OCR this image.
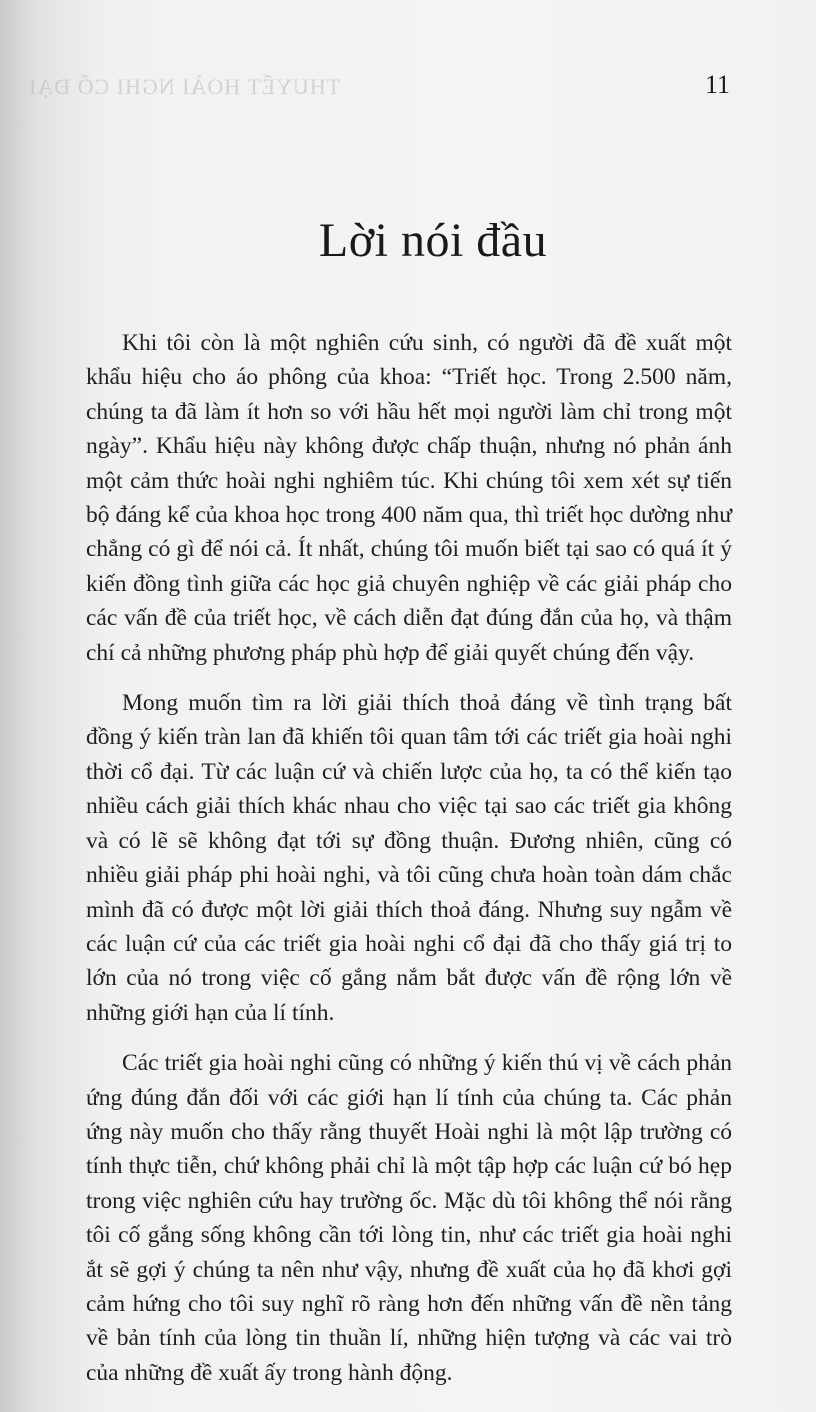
THUYẾT HOÀI NGHI CỔ ĐẠI	11
Lời nói đầu

Khi tôi còn là một nghiên cứu sinh, có người đã đề xuất một khẩu hiệu cho áo phông của khoa: “Triết học. Trong 2.500 năm, chúng ta đã làm ít hơn so với hầu hết mọi người làm chỉ trong một ngày”. Khẩu hiệu này không được chấp thuận, nhưng nó phản ánh một cảm thức hoài nghi nghiêm túc. Khi chúng tôi xem xét sự tiến bộ đáng kể của khoa học trong 400 năm qua, thì triết học dường như chẳng có gì để nói cả. Ít nhất, chúng tôi muốn biết tại sao có quá ít ý kiến đồng tình giữa các học giả chuyên nghiệp về các giải pháp cho các vấn đề của triết học, về cách diễn đạt đúng đắn của họ, và thậm chí cả những phương pháp phù hợp để giải quyết chúng đến vậy.

Mong muốn tìm ra lời giải thích thoả đáng về tình trạng bất đồng ý kiến tràn lan đã khiến tôi quan tâm tới các triết gia hoài nghi thời cổ đại. Từ các luận cứ và chiến lược của họ, ta có thể kiến tạo nhiều cách giải thích khác nhau cho việc tại sao các triết gia không và có lẽ sẽ không đạt tới sự đồng thuận. Đương nhiên, cũng có nhiều giải pháp phi hoài nghi, và tôi cũng chưa hoàn toàn dám chắc mình đã có được một lời giải thích thoả đáng. Nhưng suy ngẫm về các luận cứ của các triết gia hoài nghi cổ đại đã cho thấy giá trị to lớn của nó trong việc cố gắng nắm bắt được vấn đề rộng lớn về những giới hạn của lí tính.

Các triết gia hoài nghi cũng có những ý kiến thú vị về cách phản ứng đúng đắn đối với các giới hạn lí tính của chúng ta. Các phản ứng này muốn cho thấy rằng thuyết Hoài nghi là một lập trường có tính thực tiễn, chứ không phải chỉ là một tập hợp các luận cứ bó hẹp trong việc nghiên cứu hay trường ốc. Mặc dù tôi không thể nói rằng tôi cố gắng sống không cần tới lòng tin, như các triết gia hoài nghi ắt sẽ gợi ý chúng ta nên như vậy, nhưng đề xuất của họ đã khơi gợi cảm hứng cho tôi suy nghĩ rõ ràng hơn đến những vấn đề nền tảng về bản tính của lòng tin thuần lí, những hiện tượng và các vai trò của những đề xuất ấy trong hành động.
